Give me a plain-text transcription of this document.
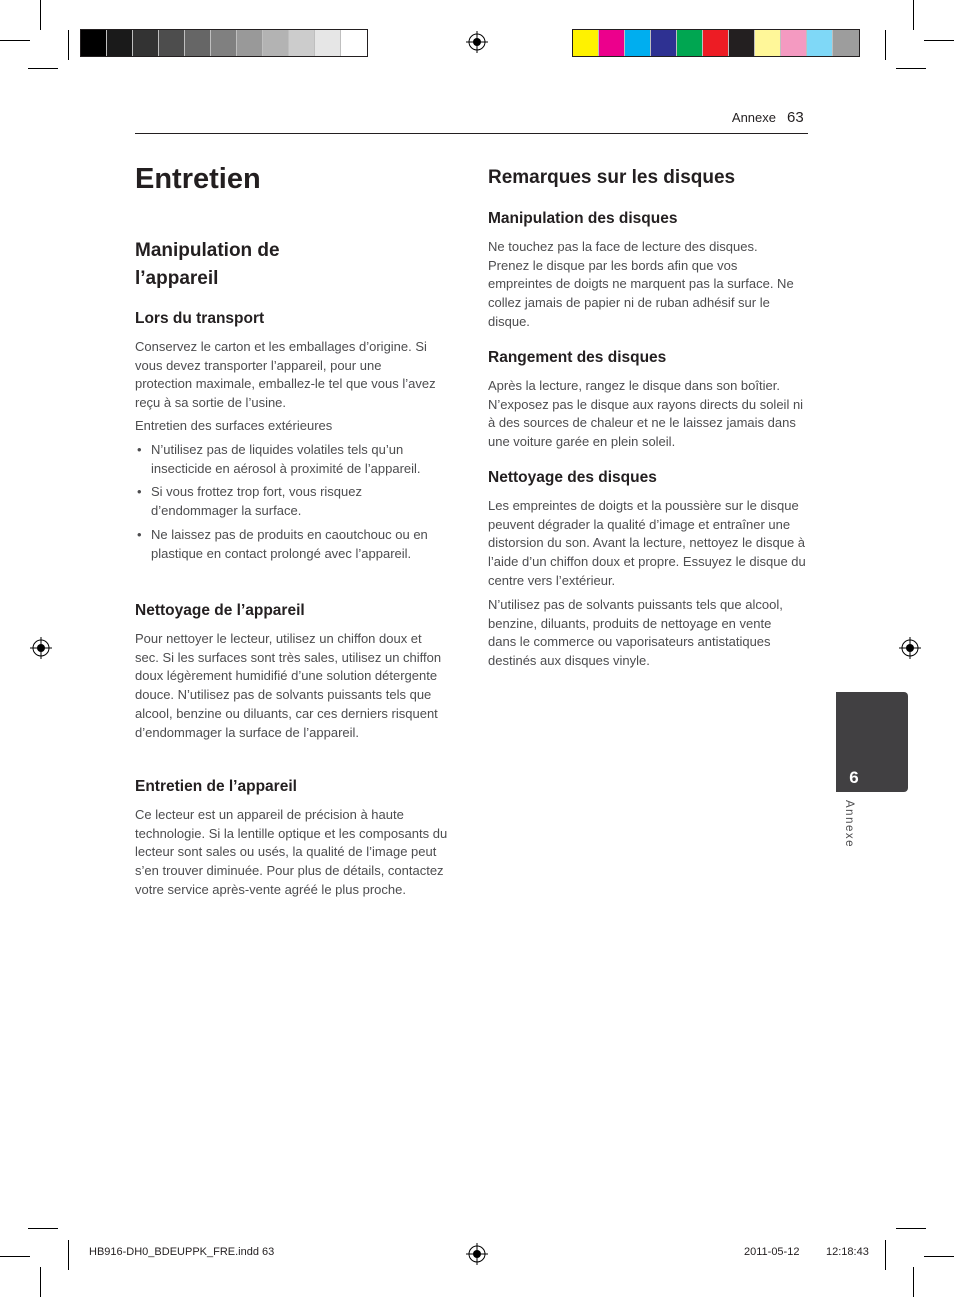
Annexe 63
Entretien
Manipulation de l’appareil
Lors du transport

Conservez le carton et les emballages d’origine. Si vous devez transporter l’appareil, pour une protection maximale, emballez-le tel que vous l’avez reçu à sa sortie de l’usine.

Entretien des surfaces extérieures

• N’utilisez pas de liquides volatiles tels qu’un insecticide en aérosol à proximité de l’appareil.
• Si vous frottez trop fort, vous risquez d’endommager la surface.
• Ne laissez pas de produits en caoutchouc ou en plastique en contact prolongé avec l’appareil.
Nettoyage de l’appareil

Pour nettoyer le lecteur, utilisez un chiffon doux et sec. Si les surfaces sont très sales, utilisez un chiffon doux légèrement humidifié d’une solution détergente douce. N’utilisez pas de solvants puissants tels que alcool, benzine ou diluants, car ces derniers risquent d’endommager la surface de l’appareil.

Entretien de l’appareil

Ce lecteur est un appareil de précision à haute technologie. Si la lentille optique et les composants du lecteur sont sales ou usés, la qualité de l’image peut s’en trouver diminuée. Pour plus de détails, contactez votre service après-vente agréé le plus proche.

Remarques sur les disques
Manipulation des disques

Ne touchez pas la face de lecture des disques. Prenez le disque par les bords afin que vos empreintes de doigts ne marquent pas la surface. Ne collez jamais de papier ni de ruban adhésif sur le disque.

Rangement des disques

Après la lecture, rangez le disque dans son boîtier. N’exposez pas le disque aux rayons directs du soleil ni à des sources de chaleur et ne le laissez jamais dans une voiture garée en plein soleil.

Nettoyage des disques

Les empreintes de doigts et la poussière sur le disque peuvent dégrader la qualité d’image et entraîner une distorsion du son. Avant la lecture, nettoyez le disque à l’aide d’un chiffon doux et propre. Essuyez le disque du centre vers l’extérieur.

N’utilisez pas de solvants puissants tels que alcool, benzine, diluants, produits de nettoyage en vente dans le commerce ou vaporisateurs antistatiques destinés aux disques vinyle.

6
Annexe
HB916-DH0_BDEUPPK_FRE.indd 63	2011-05-12 12:18:43
